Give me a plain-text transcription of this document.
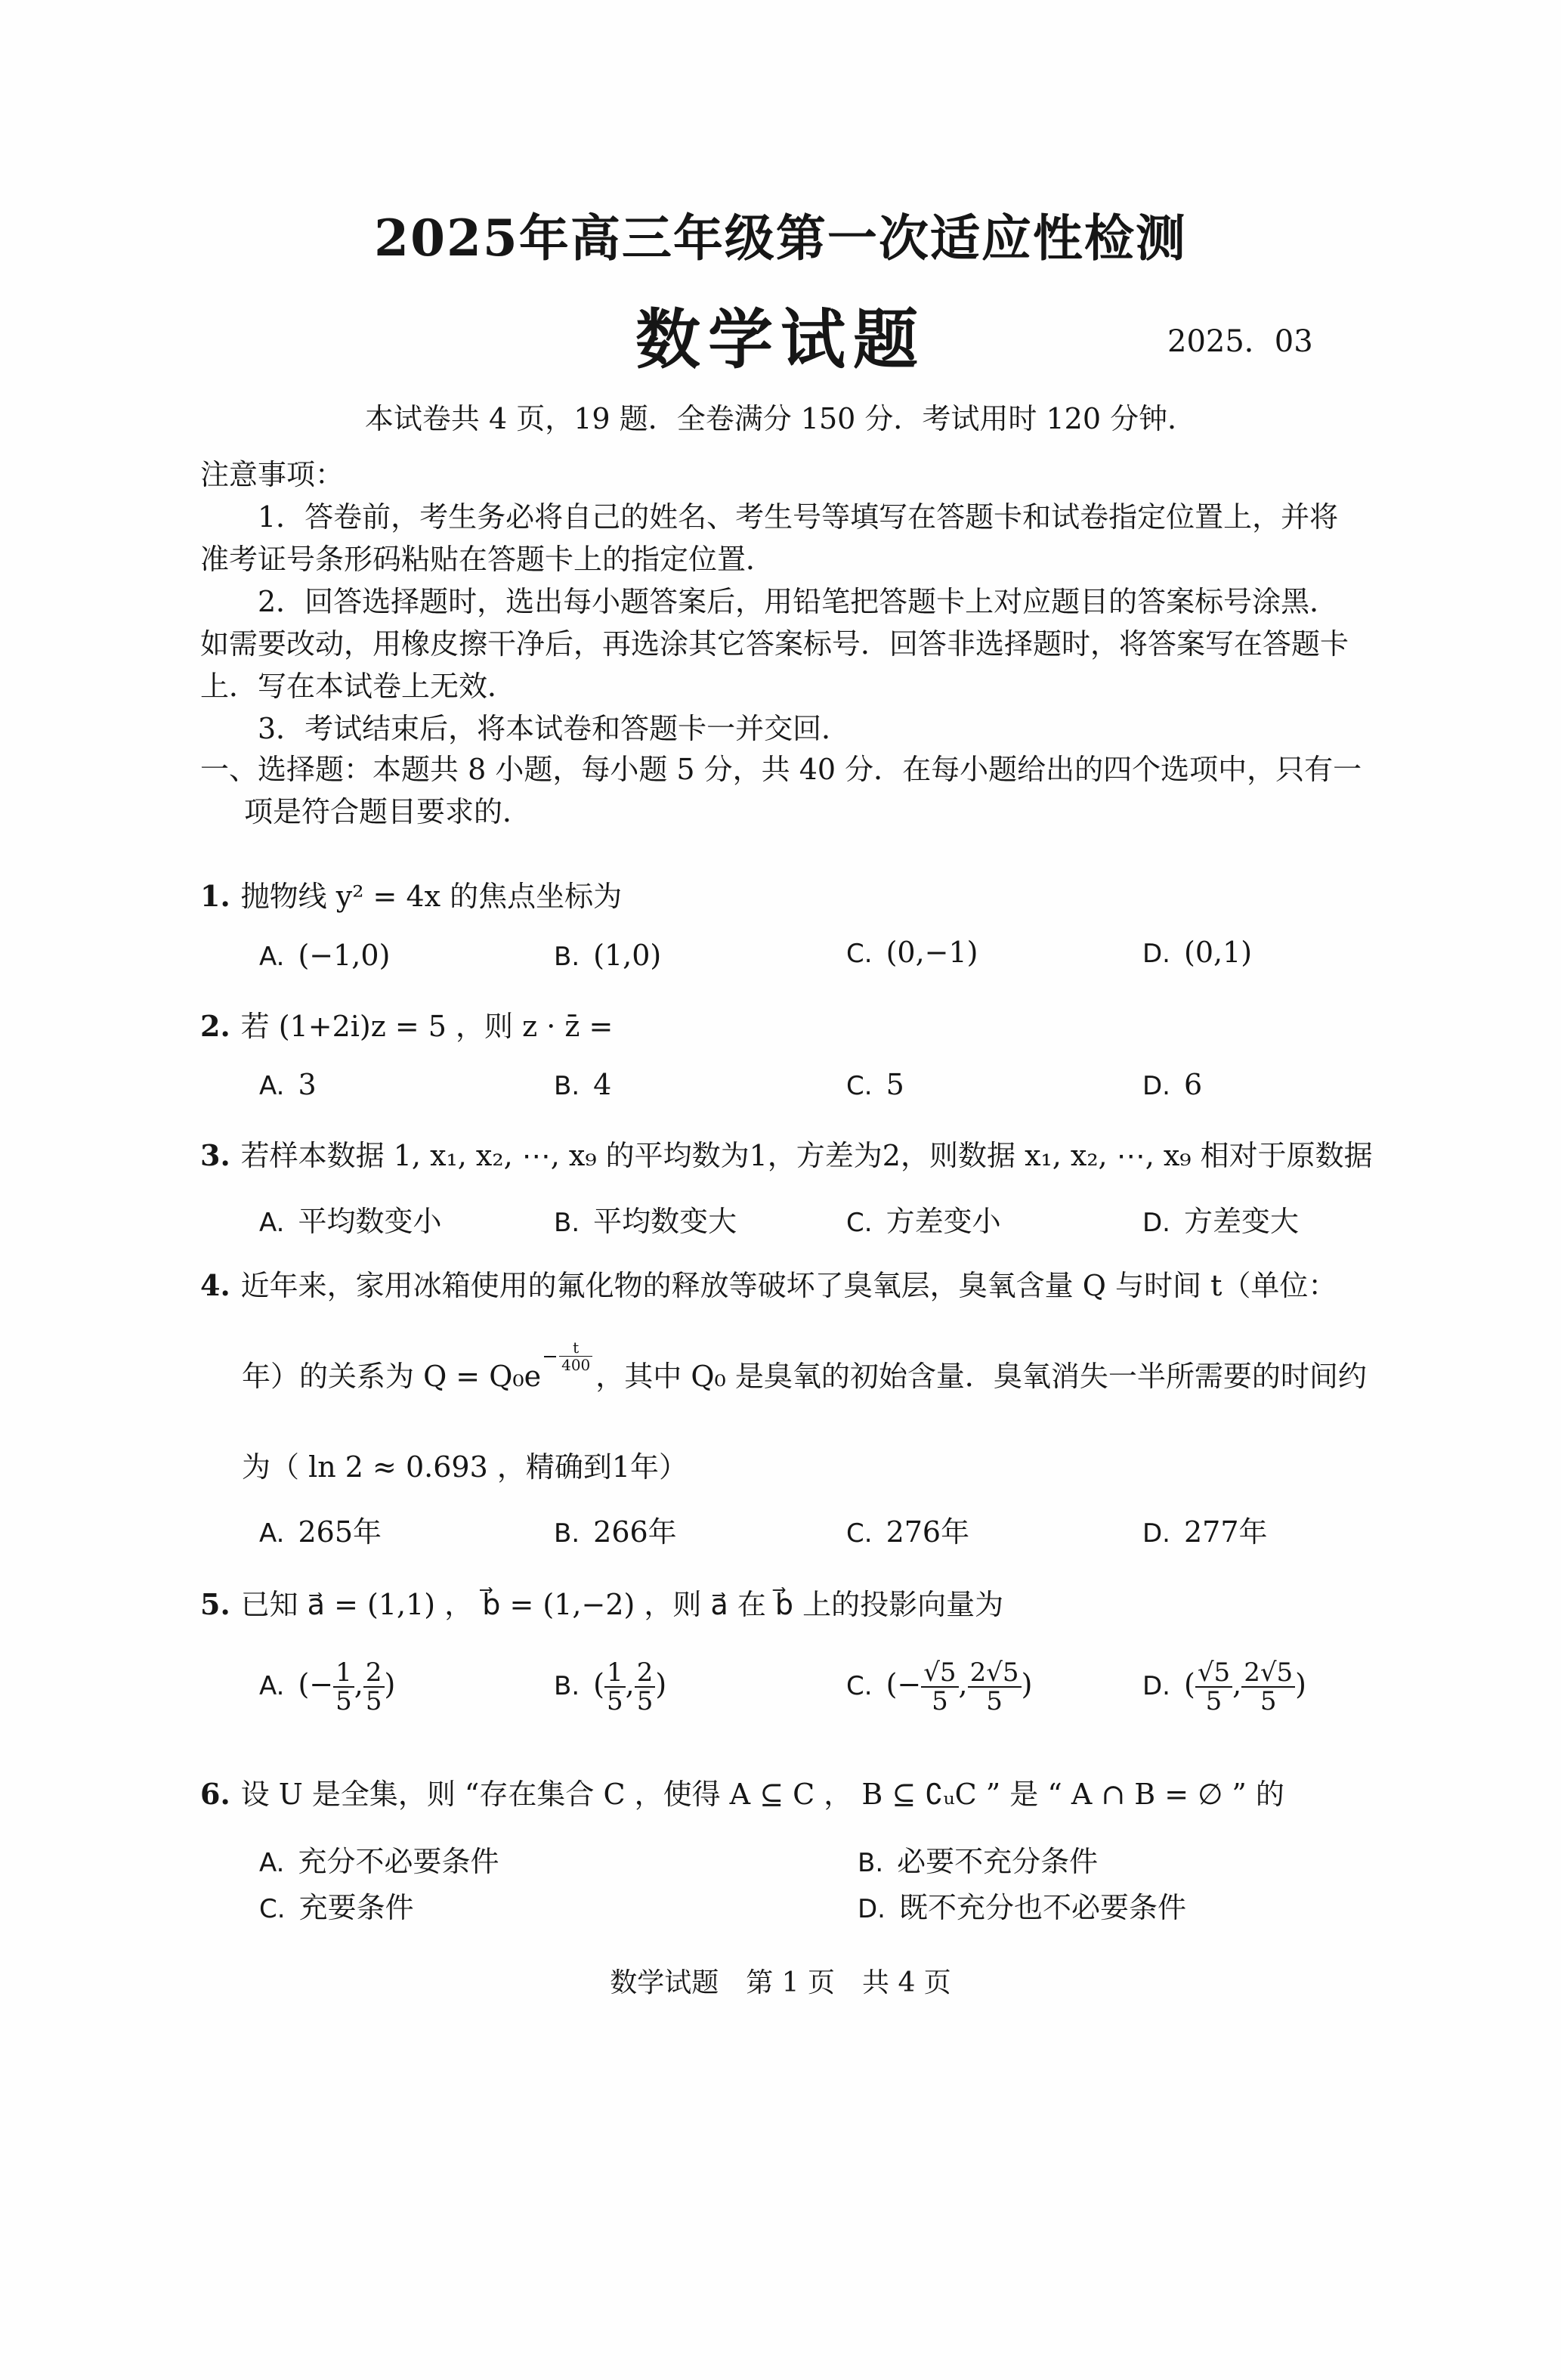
2025年高三年级第一次适应性检测
数学试题	2025．03
本试卷共 4 页，19 题．全卷满分 150 分．考试用时 120 分钟．

注意事项：

1．答卷前，考生务必将自己的姓名、考生号等填写在答题卡和试卷指定位置上，并将准考证号条形码粘贴在答题卡上的指定位置．

2．回答选择题时，选出每小题答案后，用铅笔把答题卡上对应题目的答案标号涂黑．如需要改动，用橡皮擦干净后，再选涂其它答案标号．回答非选择题时，将答案写在答题卡上．写在本试卷上无效．

3．考试结束后，将本试卷和答题卡一并交回．

一、选择题：本题共 8 小题，每小题 5 分，共 40 分．在每小题给出的四个选项中，只有一
项是符合题目要求的．
1. 抛物线 y² = 4x 的焦点坐标为
A. (−1,0)	B. (1,0)	C. (0,−1)	D. (0,1)
2. 若 (1+2i)z = 5 ，则 z · z̄ =
A. 3	B. 4	C. 5	D. 6
3. 若样本数据 1, x₁, x₂, ⋯, x₉ 的平均数为1，方差为2，则数据 x₁, x₂, ⋯, x₉ 相对于原数据
A. 平均数变小	B. 平均数变大	C. 方差变小	D. 方差变大
4. 近年来，家用冰箱使用的氟化物的释放等破坏了臭氧层，臭氧含量 Q 与时间 t（单位：
年）的关系为 Q = Q₀e
$\frac{t}{400}$
，其中 Q₀ 是臭氧的初始含量．臭氧消失一半所需要的时间约
为（ ln 2 ≈ 0.693 ，精确到1年）
A. 265年	B. 266年	C. 276年	D. 277年
5. 已知 a⃗ = (1,1) ， b⃗ = (1,−2) ，则 a⃗ 在 b⃗ 上的投影向量为
A. (− $\frac{1}{5}$ , $\frac{2}{5}$ )	B. ( $\frac{1}{5}$ , $\frac{2}{5}$ )	C. (− $\frac{√5}{5}$ , $\frac{2√5}{5}$ )	D. ( $\frac{√5}{5}$ , $\frac{2√5}{5}$ )
6. 设 U 是全集，则 “存在集合 C ，使得 A ⊆ C ， B ⊆ ∁ᵤC ” 是 “ A ∩ B = ∅ ” 的
A. 充分不必要条件	B. 必要不充分条件
C. 充要条件	D. 既不充分也不必要条件
数学试题　第 1 页　共 4 页
